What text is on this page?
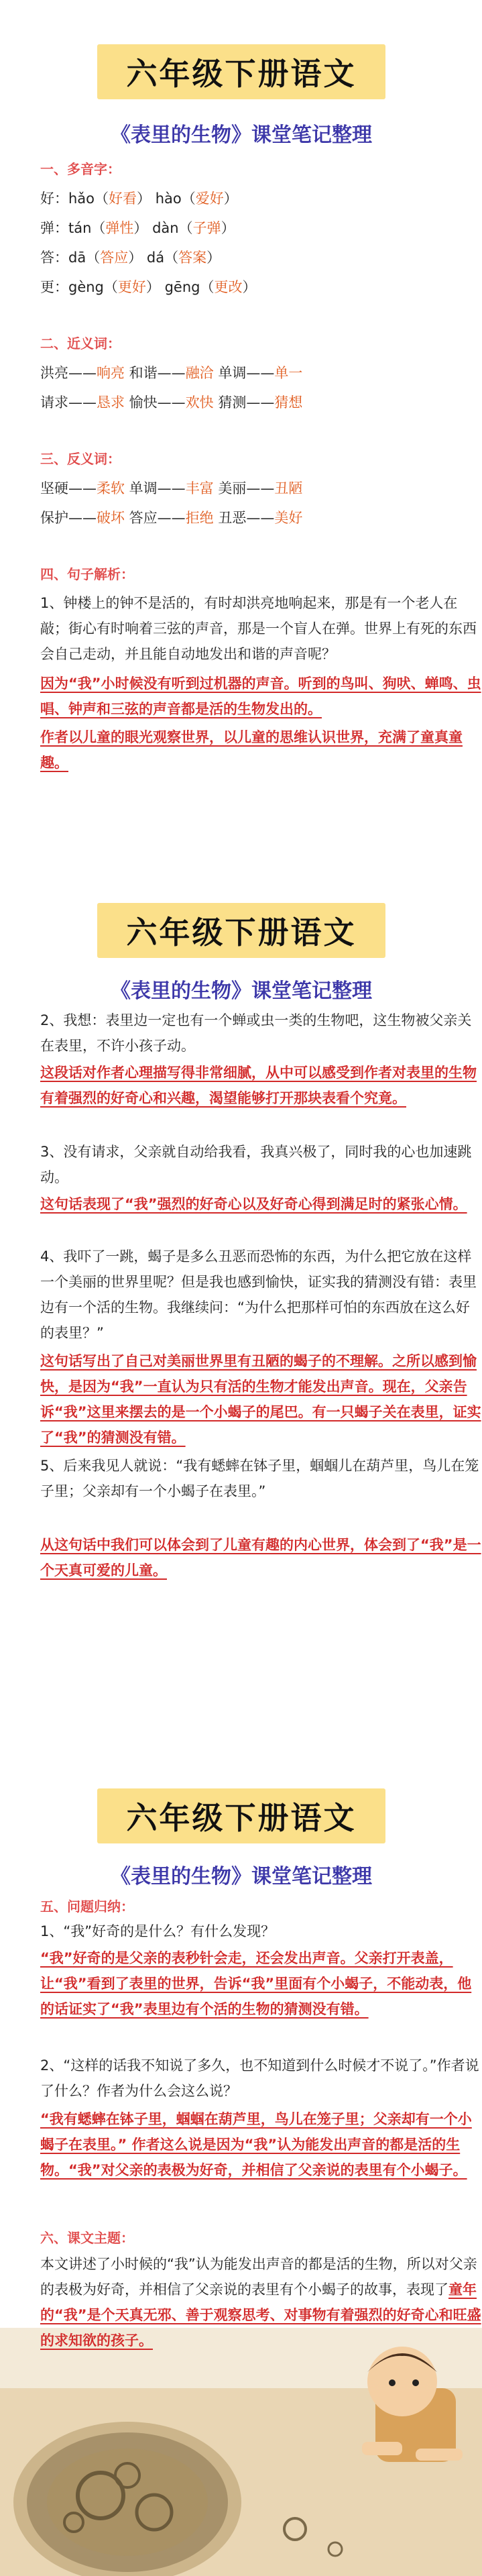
六年级下册语文
《表里的生物》课堂笔记整理
一、多音字：
好：hǎo（好看） hào（爱好）
弹：tán（弹性） dàn（子弹）
答：dā（答应） dá（答案）
更：gèng（更好） gēng（更改）
二、近义词：
洪亮——响亮 和谐——融洽 单调——单一
请求——恳求 愉快——欢快 猜测——猜想
三、反义词：
坚硬——柔软 单调——丰富 美丽——丑陋
保护——破坏 答应——拒绝 丑恶——美好
四、句子解析：
1、钟楼上的钟不是活的，有时却洪亮地响起来，那是有一个老人在敲；街心有时响着三弦的声音，那是一个盲人在弹。世界上有死的东西会自己走动，并且能自动地发出和谐的声音呢？
因为“我”小时候没有听到过机器的声音。听到的鸟叫、狗吠、蝉鸣、虫唱、钟声和三弦的声音都是活的生物发出的。
作者以儿童的眼光观察世界，以儿童的思维认识世界，充满了童真童趣。
六年级下册语文
《表里的生物》课堂笔记整理
2、我想：表里边一定也有一个蝉或虫一类的生物吧，这生物被父亲关在表里，不许小孩子动。
这段话对作者心理描写得非常细腻，从中可以感受到作者对表里的生物有着强烈的好奇心和兴趣，渴望能够打开那块表看个究竟。
3、没有请求，父亲就自动给我看，我真兴极了，同时我的心也加速跳动。
这句话表现了“我”强烈的好奇心以及好奇心得到满足时的紧张心情。
4、我吓了一跳，蝎子是多么丑恶而恐怖的东西，为什么把它放在这样一个美丽的世界里呢？但是我也感到愉快，证实我的猜测没有错：表里边有一个活的生物。我继续问：“为什么把那样可怕的东西放在这么好的表里？”
这句话写出了自己对美丽世界里有丑陋的蝎子的不理解。之所以感到愉快，是因为“我”一直认为只有活的生物才能发出声音。现在，父亲告诉“我”这里来摆去的是一个小蝎子的尾巴。有一只蝎子关在表里，证实了“我”的猜测没有错。
5、后来我见人就说：“我有蟋蟀在钵子里，蝈蝈儿在葫芦里，鸟儿在笼子里；父亲却有一个小蝎子在表里。”
从这句话中我们可以体会到了儿童有趣的内心世界，体会到了“我”是一个天真可爱的儿童。
六年级下册语文
《表里的生物》课堂笔记整理
五、问题归纳：
1、“我”好奇的是什么？有什么发现？
“我”好奇的是父亲的表秒针会走，还会发出声音。父亲打开表盖，让“我”看到了表里的世界，告诉“我”里面有个小蝎子，不能动表，他的话证实了“我”表里边有个活的生物的猜测没有错。
2、“这样的话我不知说了多久，也不知道到什么时候才不说了。”作者说了什么？作者为什么会这么说？
“我有蟋蟀在钵子里，蝈蝈在葫芦里，鸟儿在笼子里；父亲却有一个小蝎子在表里。” 作者这么说是因为“我”认为能发出声音的都是活的生物。“我”对父亲的表极为好奇，并相信了父亲说的表里有个小蝎子。
六、课文主题：
本文讲述了小时候的“我”认为能发出声音的都是活的生物，所以对父亲的表极为好奇，并相信了父亲说的表里有个小蝎子的故事，表现了童年的“我”是个天真无邪、善于观察思考、对事物有着强烈的好奇心和旺盛的求知欲的孩子。
